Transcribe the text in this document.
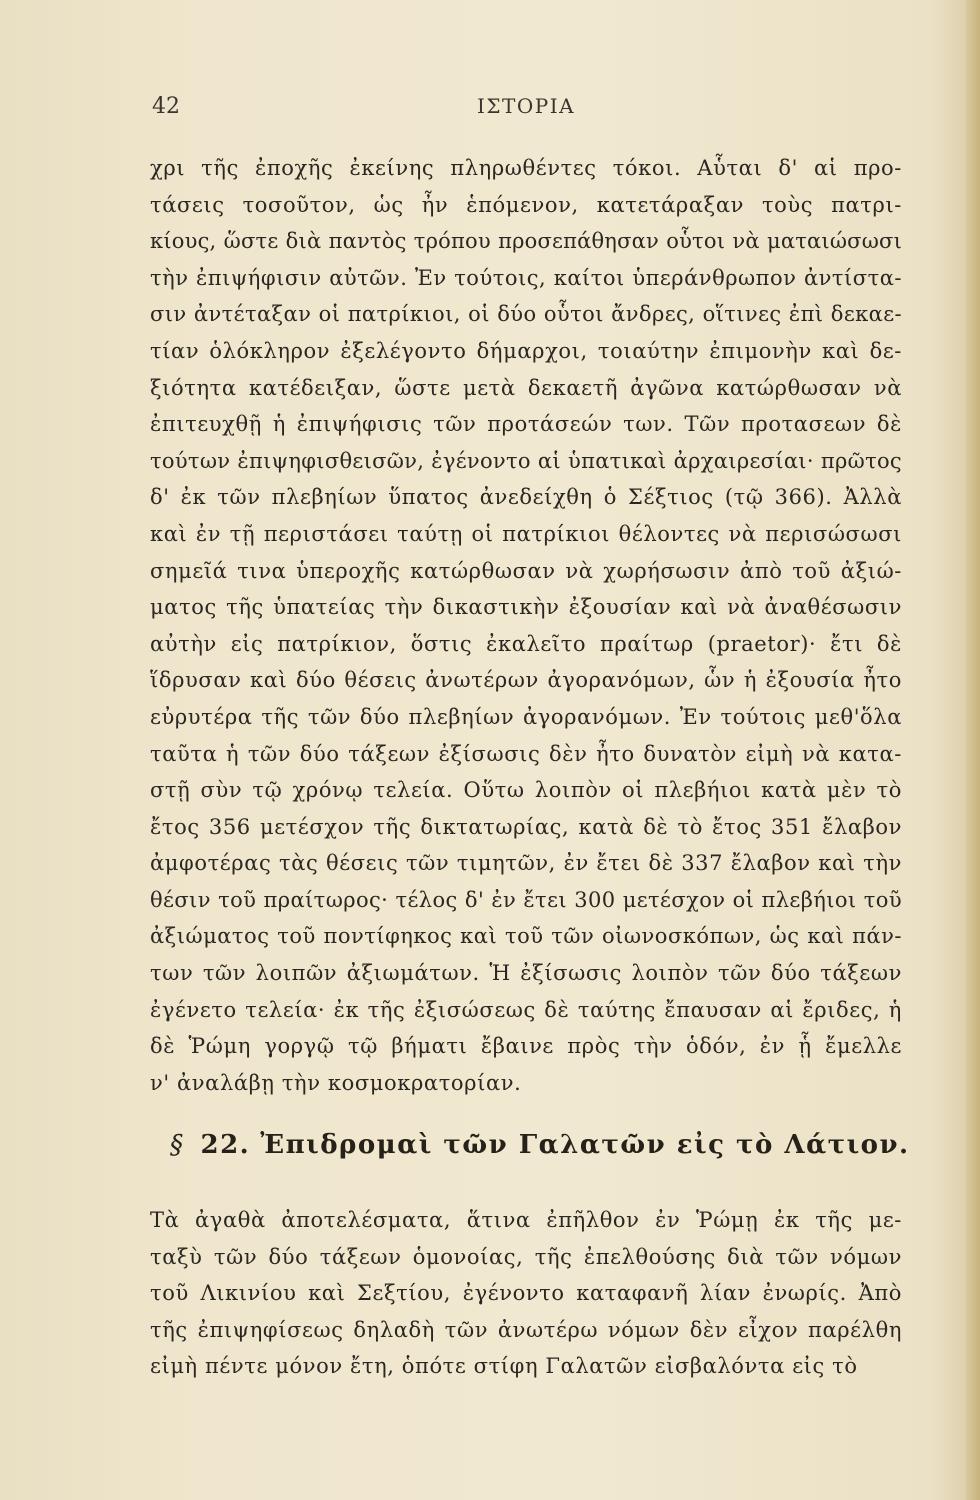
42	ΙΣΤΟΡΙΑ
χρι τῆς ἐποχῆς ἐκείνης πληρωθέντες τόκοι. Αὗται δ' αἱ προ-
τάσεις τοσοῦτον, ὡς ἦν ἑπόμενον, κατετάραξαν τοὺς πατρι-
κίους, ὥστε διὰ παντὸς τρόπου προσεπάθησαν οὗτοι νὰ ματαιώσωσι
τὴν ἐπιψήφισιν αὐτῶν. Ἐν τούτοις, καίτοι ὑπεράνθρωπον ἀντίστα-
σιν ἀντέταξαν οἱ πατρίκιοι, οἱ δύο οὗτοι ἄνδρες, οἵτινες ἐπὶ δεκαε-
τίαν ὁλόκληρον ἐξελέγοντο δήμαρχοι, τοιαύτην ἐπιμονὴν καὶ δε-
ξιότητα κατέδειξαν, ὥστε μετὰ δεκαετῆ ἀγῶνα κατώρθωσαν νὰ
ἐπιτευχθῇ ἡ ἐπιψήφισις τῶν προτάσεών των. Τῶν προτασεων δὲ
τούτων ἐπιψηφισθεισῶν, ἐγένοντο αἱ ὑπατικαὶ ἀρχαιρεσίαι· πρῶτος
δ' ἐκ τῶν πλεβηίων ὕπατος ἀνεδείχθη ὁ Σέξτιος (τῷ 366). Ἀλλὰ
καὶ ἐν τῇ περιστάσει ταύτῃ οἱ πατρίκιοι θέλοντες νὰ περισώσωσι
σημεῖά τινα ὑπεροχῆς κατώρθωσαν νὰ χωρήσωσιν ἀπὸ τοῦ ἀξιώ-
ματος τῆς ὑπατείας τὴν δικαστικὴν ἐξουσίαν καὶ νὰ ἀναθέσωσιν
αὐτὴν εἰς πατρίκιον, ὅστις ἐκαλεῖτο πραίτωρ (praetor)· ἔτι δὲ
ἵδρυσαν καὶ δύο θέσεις ἀνωτέρων ἀγορανόμων, ὧν ἡ ἐξουσία ἦτο
εὐρυτέρα τῆς τῶν δύο πλεβηίων ἀγορανόμων. Ἐν τούτοις μεθ'ὅλα
ταῦτα ἡ τῶν δύο τάξεων ἐξίσωσις δὲν ἦτο δυνατὸν εἰμὴ νὰ κατα-
στῇ σὺν τῷ χρόνῳ τελεία. Οὕτω λοιπὸν οἱ πλεβήιοι κατὰ μὲν τὸ
ἔτος 356 μετέσχον τῆς δικτατωρίας, κατὰ δὲ τὸ ἔτος 351 ἔλαβον
ἀμφοτέρας τὰς θέσεις τῶν τιμητῶν, ἐν ἔτει δὲ 337 ἔλαβον καὶ τὴν
θέσιν τοῦ πραίτωρος· τέλος δ' ἐν ἔτει 300 μετέσχον οἱ πλεβήιοι τοῦ
ἀξιώματος τοῦ ποντίφηκος καὶ τοῦ τῶν οἰωνοσκόπων, ὡς καὶ πάν-
των τῶν λοιπῶν ἀξιωμάτων. Ἡ ἐξίσωσις λοιπὸν τῶν δύο τάξεων
ἐγένετο τελεία· ἐκ τῆς ἐξισώσεως δὲ ταύτης ἔπαυσαν αἱ ἔριδες, ἡ
δὲ Ῥώμη γοργῷ τῷ βήματι ἔβαινε πρὸς τὴν ὁδόν, ἐν ᾗ ἔμελλε
ν' ἀναλάβῃ τὴν κοσμοκρατορίαν.
§ 22. Ἐπιδρομαὶ τῶν Γαλατῶν εἰς τὸ Λάτιον.
Τὰ ἀγαθὰ ἀποτελέσματα, ἅτινα ἐπῆλθον ἐν Ῥώμῃ ἐκ τῆς με-
ταξὺ τῶν δύο τάξεων ὁμονοίας, τῆς ἐπελθούσης διὰ τῶν νόμων
τοῦ Λικινίου καὶ Σεξτίου, ἐγένοντο καταφανῆ λίαν ἐνωρίς. Ἀπὸ
τῆς ἐπιψηφίσεως δηλαδὴ τῶν ἀνωτέρω νόμων δὲν εἶχον παρέλθη
εἰμὴ πέντε μόνον ἔτη, ὁπότε στίφη Γαλατῶν εἰσβαλόντα εἰς τὸ
